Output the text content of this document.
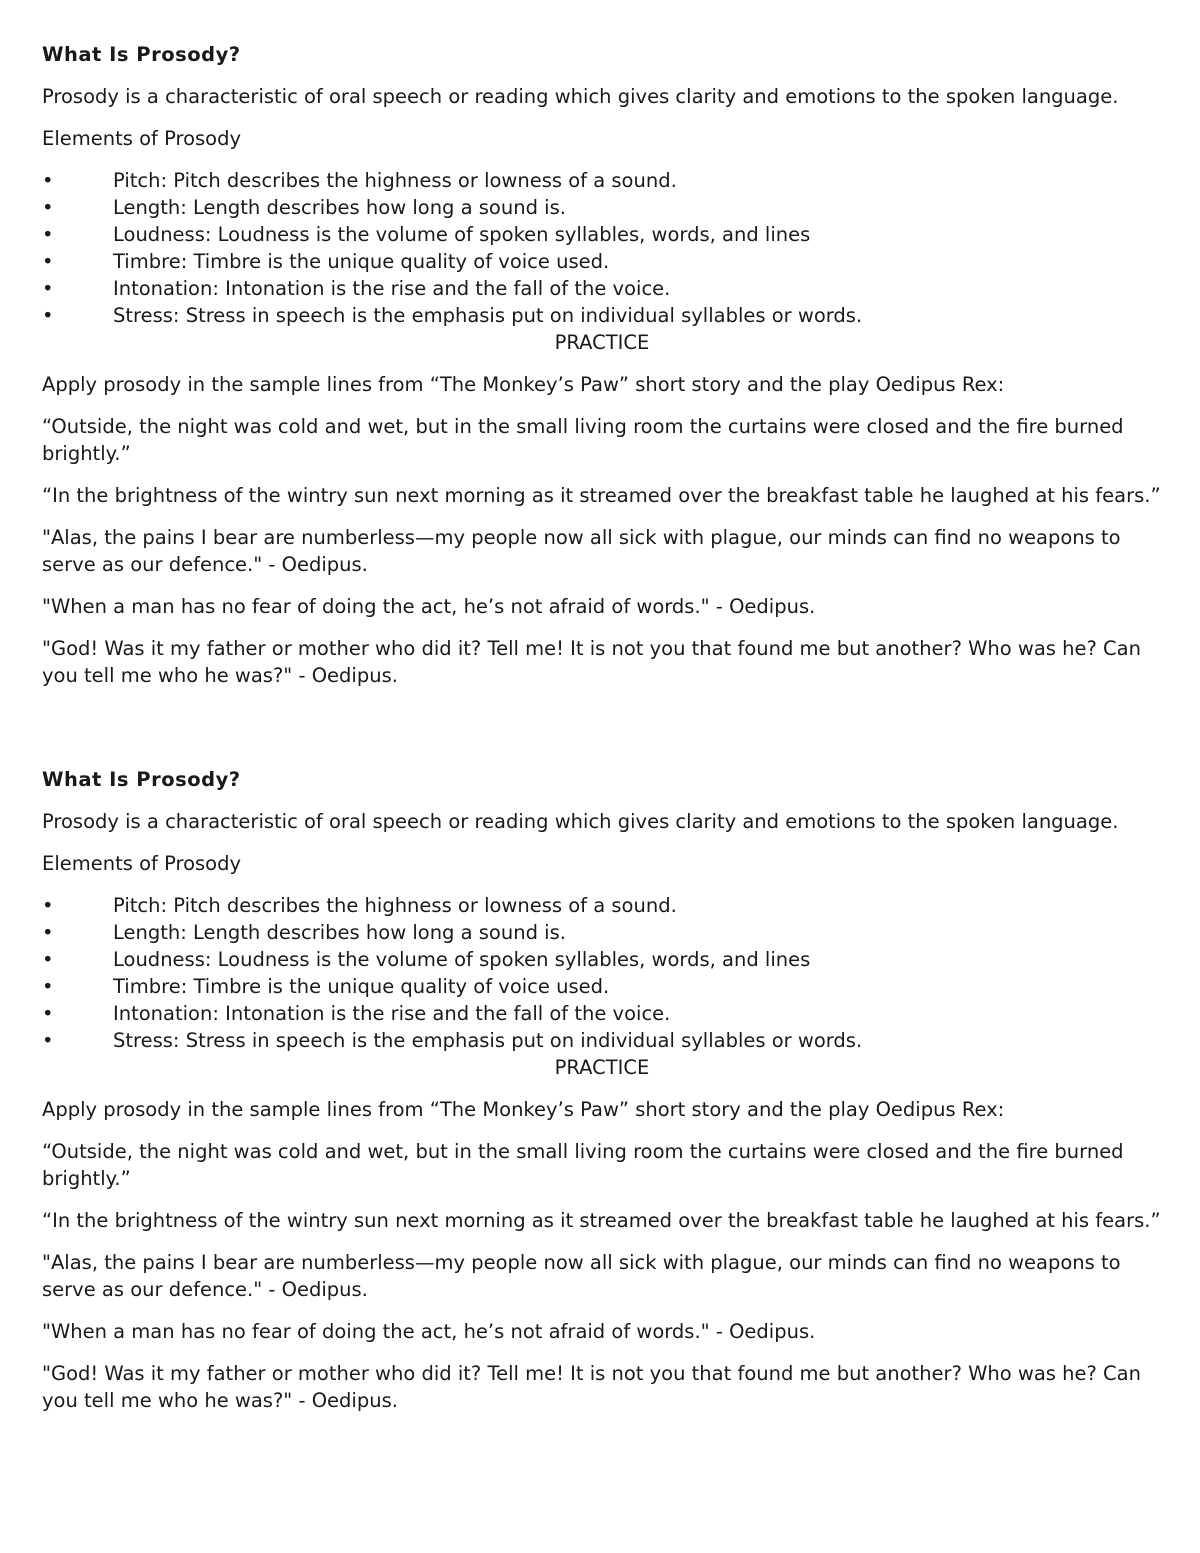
What Is Prosody?

Prosody is a characteristic of oral speech or reading which gives clarity and emotions to the spoken language.

Elements of Prosody

•	Pitch: Pitch describes the highness or lowness of a sound.
•	Length: Length describes how long a sound is.
•	Loudness: Loudness is the volume of spoken syllables, words, and lines
•	Timbre: Timbre is the unique quality of voice used.
•	Intonation: Intonation is the rise and the fall of the voice.
•	Stress: Stress in speech is the emphasis put on individual syllables or words.

PRACTICE

Apply prosody in the sample lines from “The Monkey’s Paw” short story and the play Oedipus Rex:

“Outside, the night was cold and wet, but in the small living room the curtains were closed and the fire burned brightly.”

“In the brightness of the wintry sun next morning as it streamed over the breakfast table he laughed at his fears.”

"Alas, the pains I bear are numberless—my people now all sick with plague, our minds can find no weapons to serve as our defence." - Oedipus.

"When a man has no fear of doing the act, he’s not afraid of words." - Oedipus.

"God! Was it my father or mother who did it? Tell me! It is not you that found me but another? Who was he? Can you tell me who he was?" - Oedipus.

What Is Prosody?

Prosody is a characteristic of oral speech or reading which gives clarity and emotions to the spoken language.

Elements of Prosody

•	Pitch: Pitch describes the highness or lowness of a sound.
•	Length: Length describes how long a sound is.
•	Loudness: Loudness is the volume of spoken syllables, words, and lines
•	Timbre: Timbre is the unique quality of voice used.
•	Intonation: Intonation is the rise and the fall of the voice.
•	Stress: Stress in speech is the emphasis put on individual syllables or words.

PRACTICE

Apply prosody in the sample lines from “The Monkey’s Paw” short story and the play Oedipus Rex:

“Outside, the night was cold and wet, but in the small living room the curtains were closed and the fire burned brightly.”

“In the brightness of the wintry sun next morning as it streamed over the breakfast table he laughed at his fears.”

"Alas, the pains I bear are numberless—my people now all sick with plague, our minds can find no weapons to serve as our defence." - Oedipus.

"When a man has no fear of doing the act, he’s not afraid of words." - Oedipus.

"God! Was it my father or mother who did it? Tell me! It is not you that found me but another? Who was he? Can you tell me who he was?" - Oedipus.
